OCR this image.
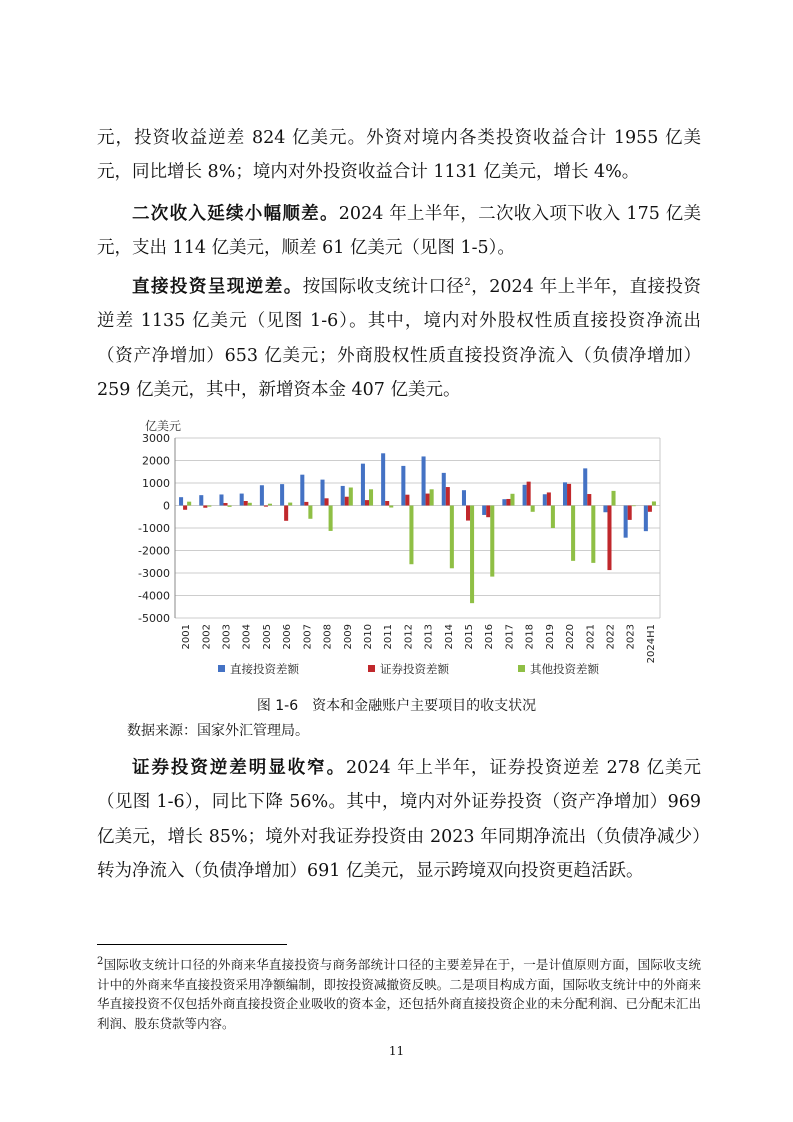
元，投资收益逆差 824 亿美元。外资对境内各类投资收益合计 1955 亿美元，同比增长 8%；境内对外投资收益合计 1131 亿美元，增长 4%。

二次收入延续小幅顺差。2024 年上半年，二次收入项下收入 175 亿美元，支出 114 亿美元，顺差 61 亿美元（见图 1-5）。

直接投资呈现逆差。按国际收支统计口径$^2$，2024 年上半年，直接投资逆差 1135 亿美元（见图 1-6）。其中，境内对外股权性质直接投资净流出（资产净增加）653 亿美元；外商股权性质直接投资净流入（负债净增加）259 亿美元，其中，新增资本金 407 亿美元。

亿美元
3000
2000
1000
0
-1000
-2000
-3000
-4000
-5000
2001 2002 2003 2004 2005 2006 2007 2008 2009 2010 2011 2012 2013 2014 2015 2016 2017 2018 2019 2020 2021 2022 2023 2024H1
直接投资差额	证券投资差额	其他投资差额
图 1-6　资本和金融账户主要项目的收支状况
数据来源：国家外汇管理局。

证券投资逆差明显收窄。2024 年上半年，证券投资逆差 278 亿美元（见图 1-6），同比下降 56%。其中，境内对外证券投资（资产净增加）969 亿美元，增长 85%；境外对我证券投资由 2023 年同期净流出（负债净减少）转为净流入（负债净增加）691 亿美元，显示跨境双向投资更趋活跃。

$^2$国际收支统计口径的外商来华直接投资与商务部统计口径的主要差异在于，一是计值原则方面，国际收支统计中的外商来华直接投资采用净额编制，即按投资减撤资反映。二是项目构成方面，国际收支统计中的外商来华直接投资不仅包括外商直接投资企业吸收的资本金，还包括外商直接投资企业的未分配利润、已分配未汇出利润、股东贷款等内容。

11
